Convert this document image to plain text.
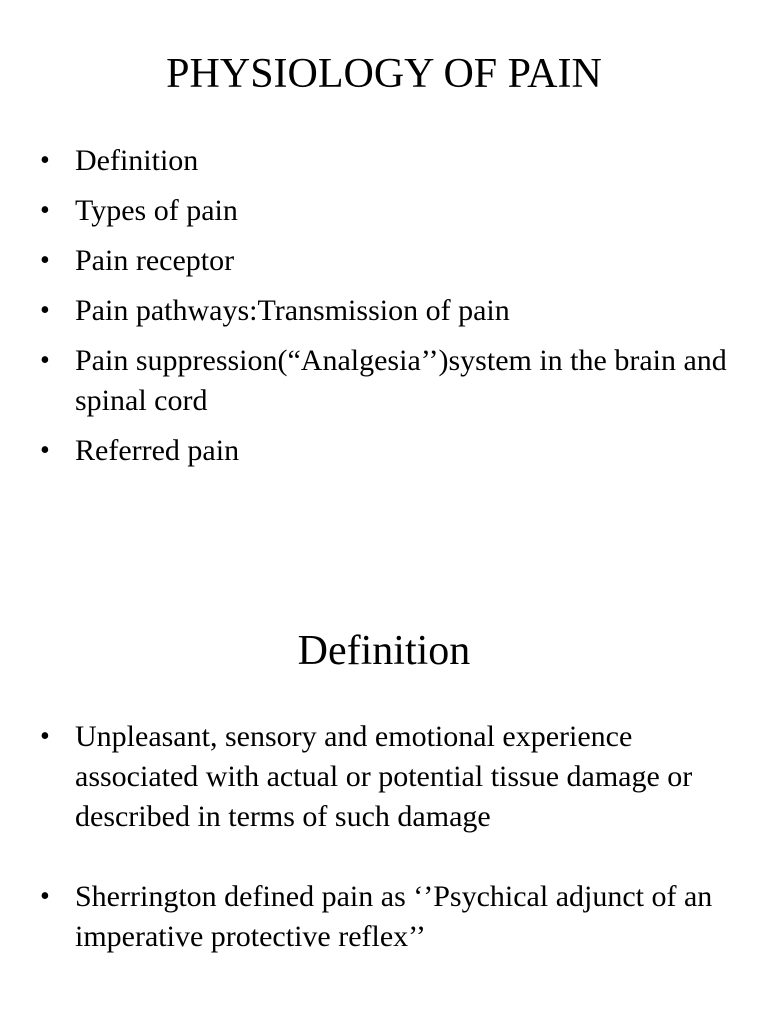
PHYSIOLOGY OF PAIN
• Definition
• Types of pain
• Pain receptor
• Pain pathways:Transmission of pain
• Pain suppression(“Analgesia’’)system in the brain and spinal cord
• Referred pain
Definition
• Unpleasant, sensory and emotional experience associated with actual or potential tissue damage or described in terms of such damage
• Sherrington defined pain as ‘’Psychical adjunct of an imperative protective reflex’’
